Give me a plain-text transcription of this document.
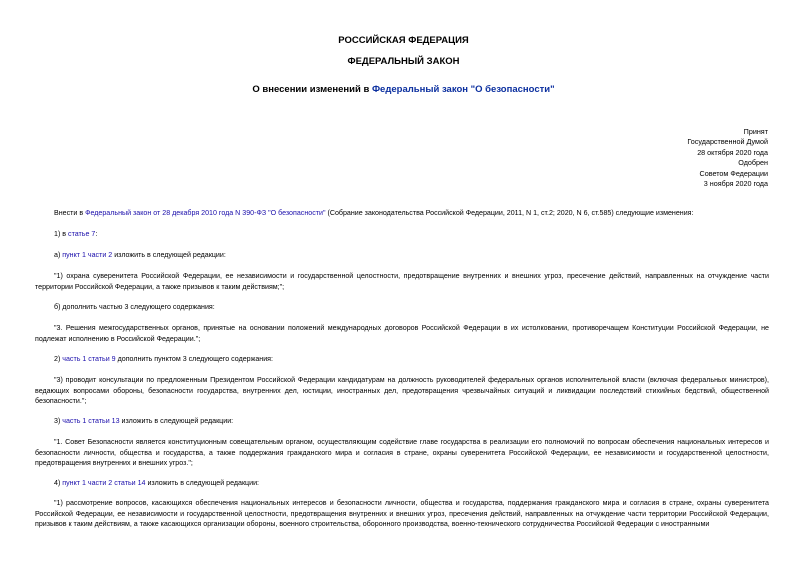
РОССИЙСКАЯ ФЕДЕРАЦИЯ
ФЕДЕРАЛЬНЫЙ ЗАКОН
О внесении изменений в Федеральный закон "О безопасности"
Принят
Государственной Думой
28 октября 2020 года
Одобрен
Советом Федерации
3 ноября 2020 года
Внести в Федеральный закон от 28 декабря 2010 года N 390-ФЗ "О безопасности" (Собрание законодательства Российской Федерации, 2011, N 1, ст.2; 2020, N 6, ст.585) следующие изменения:
1) в статье 7:
а) пункт 1 части 2 изложить в следующей редакции:
"1) охрана суверенитета Российской Федерации, ее независимости и государственной целостности, предотвращение внутренних и внешних угроз, пресечение действий, направленных на отчуждение части территории Российской Федерации, а также призывов к таким действиям;";
б) дополнить частью 3 следующего содержания:
"3. Решения межгосударственных органов, принятые на основании положений международных договоров Российской Федерации в их истолковании, противоречащем Конституции Российской Федерации, не подлежат исполнению в Российской Федерации.";
2) часть 1 статьи 9 дополнить пунктом 3 следующего содержания:
"3) проводит консультации по предложенным Президентом Российской Федерации кандидатурам на должность руководителей федеральных органов исполнительной власти (включая федеральных министров), ведающих вопросами обороны, безопасности государства, внутренних дел, юстиции, иностранных дел, предотвращения чрезвычайных ситуаций и ликвидации последствий стихийных бедствий, общественной безопасности.";
3) часть 1 статьи 13 изложить в следующей редакции:
"1. Совет Безопасности является конституционным совещательным органом, осуществляющим содействие главе государства в реализации его полномочий по вопросам обеспечения национальных интересов и безопасности личности, общества и государства, а также поддержания гражданского мира и согласия в стране, охраны суверенитета Российской Федерации, ее независимости и государственной целостности, предотвращения внутренних и внешних угроз.";
4) пункт 1 части 2 статьи 14 изложить в следующей редакции:
"1) рассмотрение вопросов, касающихся обеспечения национальных интересов и безопасности личности, общества и государства, поддержания гражданского мира и согласия в стране, охраны суверенитета Российской Федерации, ее независимости и государственной целостности, предотвращения внутренних и внешних угроз, пресечения действий, направленных на отчуждение части территории Российской Федерации, призывов к таким действиям, а также касающихся организации обороны, военного строительства, оборонного производства, военно-технического сотрудничества Российской Федерации с иностранными
